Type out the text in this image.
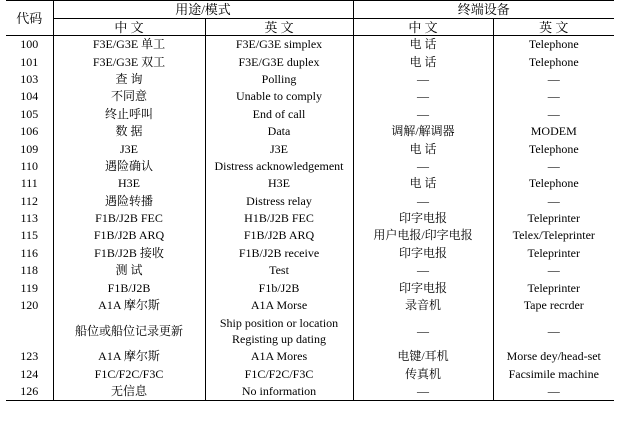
代码	用途/模式		终端设备	
	中 文	英 文	中 文	英 文
100	F3E/G3E 单工	F3E/G3E simplex	电 话	Telephone
101	F3E/G3E 双工	F3E/G3E duplex	电 话	Telephone
103	查 询	Polling	—	—
104	不同意	Unable to comply	—	—
105	终止呼叫	End of call	—	—
106	数 据	Data	调解/解调器	MODEM
109	J3E	J3E	电 话	Telephone
110	遇险确认	Distress acknowledgement	—	—
111	H3E	H3E	电 话	Telephone
112	遇险转播	Distress relay	—	—
113	F1B/J2B FEC	H1B/J2B FEC	印字电报	Teleprinter
115	F1B/J2B ARQ	F1B/J2B ARQ	用户电报/印字电报	Telex/Teleprinter
116	F1B/J2B 接收	F1B/J2B receive	印字电报	Teleprinter
118	测 试	Test	—	—
119	F1B/J2B	F1b/J2B	印字电报	Teleprinter
120	A1A 摩尔斯	A1A Morse	录音机	Tape recrder
	船位或船位记录更新	Ship position or location Registing up dating	—	—
123	A1A 摩尔斯	A1A Mores	电键/耳机	Morse dey/head-set
124	F1C/F2C/F3C	F1C/F2C/F3C	传真机	Facsimile machine
126	无信息	No information	—	—
